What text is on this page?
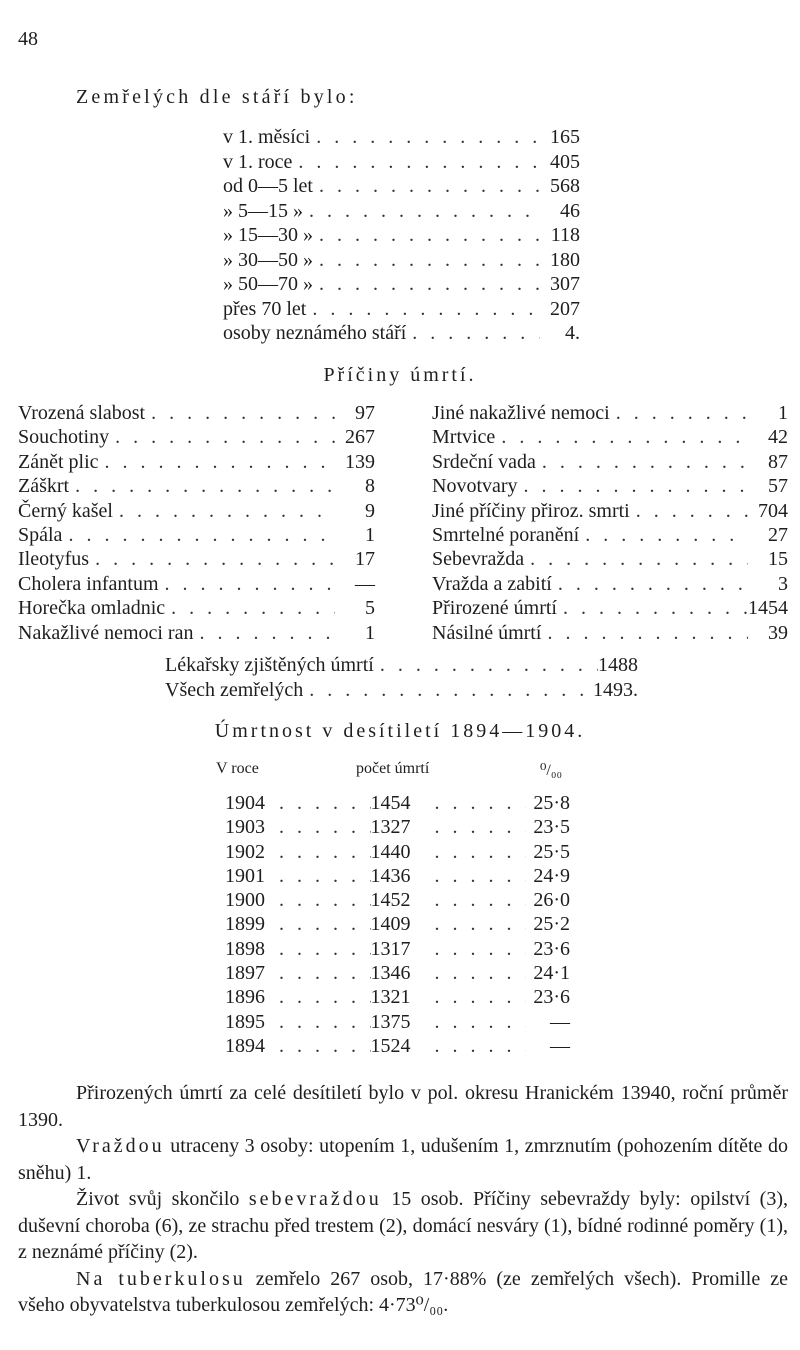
48
Zemřelých dle stáří bylo:
v 1. měsíci . . .	165
v 1. roce . . .	405
od 0—5 let . . .	568
» 5—15 » . . .	46
» 15—30 » . . .	118
» 30—50 » . . .	180
» 50—70 » . . .	307
přes 70 let . . .	207
osoby neznámého stáří . . .	4.
Příčiny úmrtí.
Vrozená slabost . . .	97
Souchotiny . . .	267
Zánět plic . . .	139
Záškrt . . .	8
Černý kašel . . .	9
Spála . . .	1
Ileotyfus . . .	17
Cholera infantum . . .	—
Horečka omladnic . . .	5
Nakažlivé nemoci ran . . .	1
Jiné nakažlivé nemoci . . .	1
Mrtvice . . .	42
Srdeční vada . . .	87
Novotvary . . .	57
Jiné příčiny přiroz. smrti . . .	704
Smrtelné poranění . . .	27
Sebevražda . . .	15
Vražda a zabití . . .	3
Přirozené úmrtí . . .	1454
Násilné úmrtí . . .	39
Lékařsky zjištěných úmrtí . . .	1488
Všech zemřelých . . .	1493.
Úmrtnost v desítiletí 1894—1904.
V roce	počet úmrtí	⁰/₀₀
1904 . . .	1454 . . .	25·8
1903 . . .	1327 . . .	23·5
1902 . . .	1440 . . .	25·5
1901 . . .	1436 . . .	24·9
1900 . . .	1452 . . .	26·0
1899 . . .	1409 . . .	25·2
1898 . . .	1317 . . .	23·6
1897 . . .	1346 . . .	24·1
1896 . . .	1321 . . .	23·6
1895 . . .	1375 . . .	—
1894 . . .	1524 . . .	—

Přirozených úmrtí za celé desítiletí bylo v pol. okresu Hranickém 13940, roční průměr 1390.

Vraždou utraceny 3 osoby: utopením 1, udušením 1, zmrznutím (pohozením dítěte do sněhu) 1.

Život svůj skončilo sebevraždou 15 osob. Příčiny sebevraždy byly: opilství (3), duševní choroba (6), ze strachu před trestem (2), domácí nesváry (1), bídné rodinné poměry (1), z neznámé příčiny (2).

Na tuberkulosu zemřelo 267 osob, 17·88% (ze zemřelých všech). Promille ze všeho obyvatelstva tuberkulosou zemřelých: 4·73⁰/₀₀.
